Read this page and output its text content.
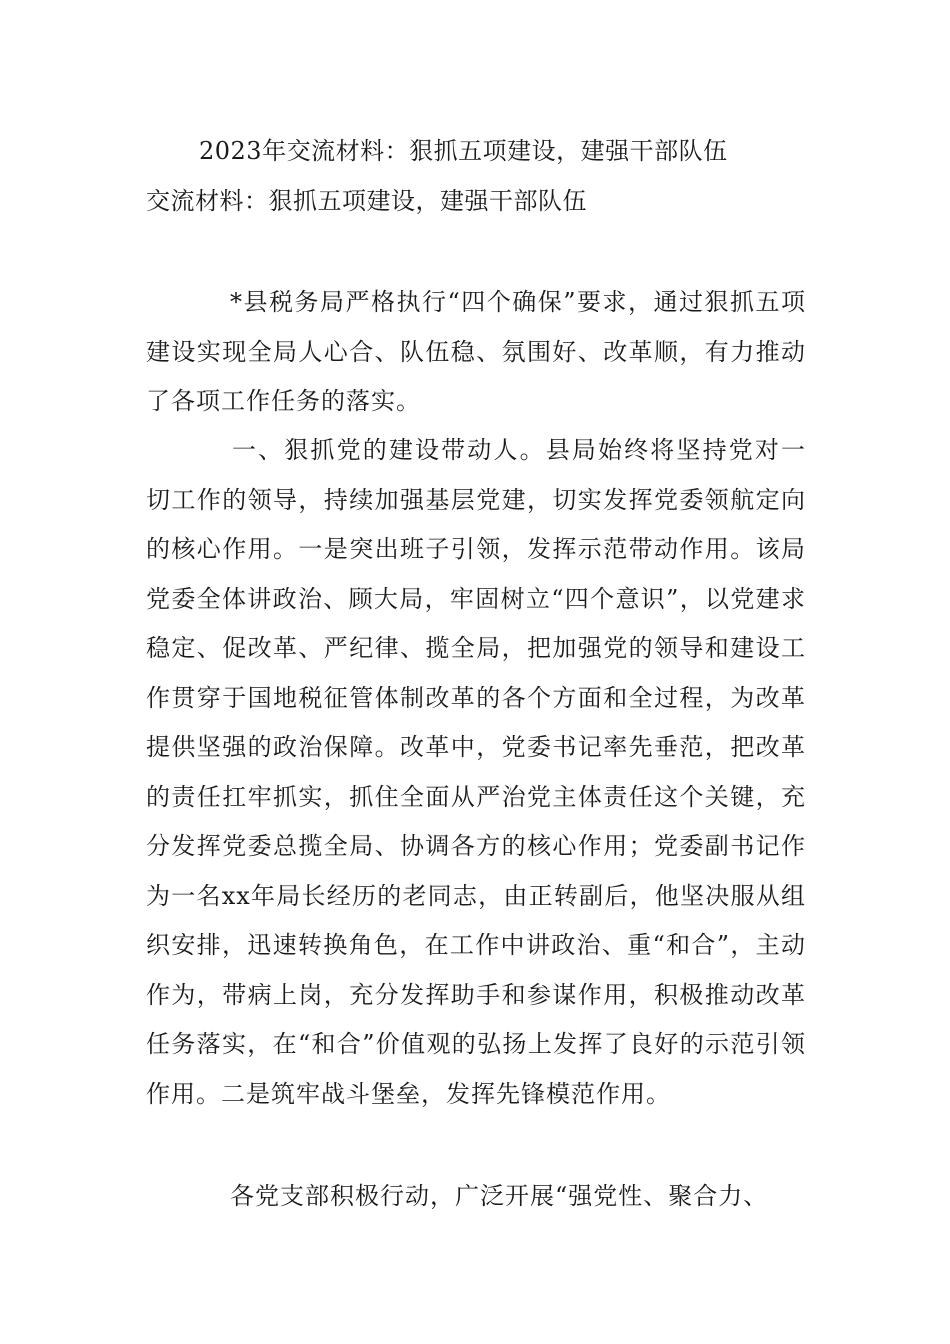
2023年交流材料：狠抓五项建设，建强干部队伍
交流材料：狠抓五项建设，建强干部队伍

*县税务局严格执行“四个确保”要求，通过狠抓五项建设实现全局人心合、队伍稳、氛围好、改革顺，有力推动了各项工作任务的落实。

一、狠抓党的建设带动人。县局始终将坚持党对一切工作的领导，持续加强基层党建，切实发挥党委领航定向的核心作用。一是突出班子引领，发挥示范带动作用。该局党委全体讲政治、顾大局，牢固树立“四个意识”，以党建求稳定、促改革、严纪律、揽全局，把加强党的领导和建设工作贯穿于国地税征管体制改革的各个方面和全过程，为改革提供坚强的政治保障。改革中，党委书记率先垂范，把改革的责任扛牢抓实，抓住全面从严治党主体责任这个关键，充分发挥党委总揽全局、协调各方的核心作用；党委副书记作为一名xx年局长经历的老同志，由正转副后，他坚决服从组织安排，迅速转换角色，在工作中讲政治、重“和合”，主动作为，带病上岗，充分发挥助手和参谋作用，积极推动改革任务落实，在“和合”价值观的弘扬上发挥了良好的示范引领作用。二是筑牢战斗堡垒，发挥先锋模范作用。

各党支部积极行动，广泛开展“强党性、聚合力、
